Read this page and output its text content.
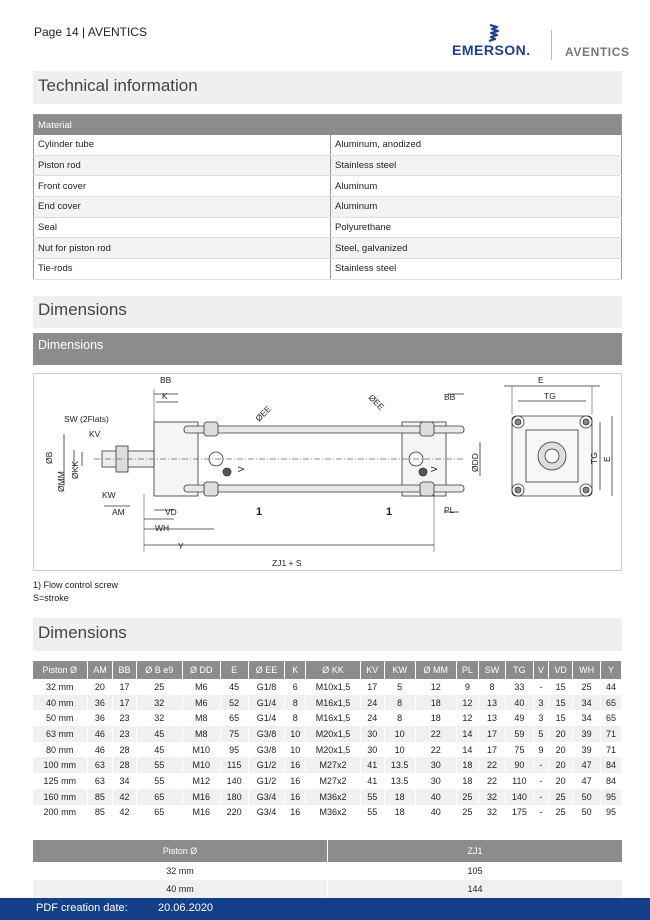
Page 14 | AVENTICS
EMERSON.	AVENTICS
Technical information
Material	
Cylinder tube	Aluminum, anodized
Piston rod	Stainless steel
Front cover	Aluminum
End cover	Aluminum
Seal	Polyurethane
Nut for piston rod	Steel, galvanized
Tie-rods	Stainless steel
Dimensions
Dimensions
BB
K
ØEE
ØEE	BB
SW (2Flats)
KV
ØB
ØMM
ØKK
KW
AM	VD
WH
Y
ZJ1 + S
1	1	PL
ØDD
V	V
E
TG
TG E
1) Flow control screw
S=stroke
Dimensions
Piston Ø	AM	BB	Ø B e9	Ø DD	E	Ø EE	K	Ø KK	KV	KW	Ø MM	PL	SW	TG	V	VD	WH	Y
32 mm	20	17	25	M6	45	G1/8	6	M10x1,5	17	5	12	9	8	33	-	15	25	44
40 mm	36	17	32	M6	52	G1/4	8	M16x1,5	24	8	18	12	13	40	3	15	34	65
50 mm	36	23	32	M8	65	G1/4	8	M16x1,5	24	8	18	12	13	49	3	15	34	65
63 mm	46	23	45	M8	75	G3/8	10	M20x1,5	30	10	22	14	17	59	5	20	39	71
80 mm	46	28	45	M10	95	G3/8	10	M20x1,5	30	10	22	14	17	75	9	20	39	71
100 mm	63	28	55	M10	115	G1/2	16	M27x2	41	13.5	30	18	22	90	-	20	47	84
125 mm	63	34	55	M12	140	G1/2	16	M27x2	41	13.5	30	18	22	110	-	20	47	84
160 mm	85	42	65	M16	180	G3/4	16	M36x2	55	18	40	25	32	140	-	25	50	95
200 mm	85	42	65	M16	220	G3/4	16	M36x2	55	18	40	25	32	175	-	25	50	95
Piston Ø	ZJ1
32 mm	105
40 mm	144
PDF creation date:	20.06.2020
